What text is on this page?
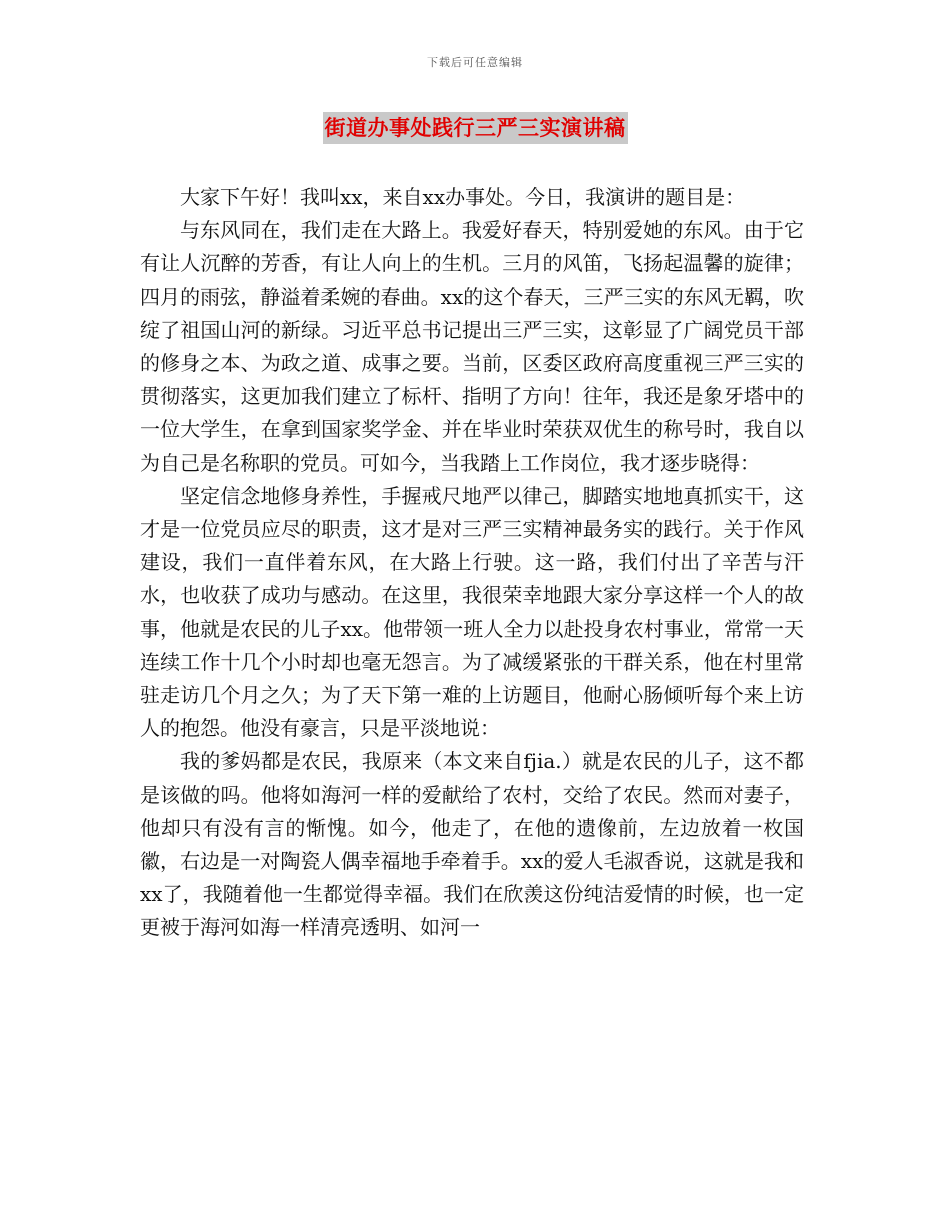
下载后可任意编辑
街道办事处践行三严三实演讲稿

大家下午好！我叫xx，来自xx办事处。今日，我演讲的题目是：

与东风同在，我们走在大路上。我爱好春天，特别爱她的东风。由于它有让人沉醉的芳香，有让人向上的生机。三月的风笛，飞扬起温馨的旋律；四月的雨弦，静溢着柔婉的春曲。xx的这个春天，三严三实的东风无羁，吹绽了祖国山河的新绿。习近平总书记提出三严三实，这彰显了广阔党员干部的修身之本、为政之道、成事之要。当前，区委区政府高度重视三严三实的贯彻落实，这更加我们建立了标杆、指明了方向！往年，我还是象牙塔中的一位大学生，在拿到国家奖学金、并在毕业时荣获双优生的称号时，我自以为自己是名称职的党员。可如今，当我踏上工作岗位，我才逐步晓得：

坚定信念地修身养性，手握戒尺地严以律己，脚踏实地地真抓实干，这才是一位党员应尽的职责，这才是对三严三实精神最务实的践行。关于作风建设，我们一直伴着东风，在大路上行驶。这一路，我们付出了辛苦与汗水，也收获了成功与感动。在这里，我很荣幸地跟大家分享这样一个人的故事，他就是农民的儿子xx。他带领一班人全力以赴投身农村事业，常常一天连续工作十几个小时却也毫无怨言。为了减缓紧张的干群关系，他在村里常驻走访几个月之久；为了天下第一难的上访题目，他耐心肠倾听每个来上访人的抱怨。他没有豪言，只是平淡地说：

我的爹妈都是农民，我原来（本文来自fjia.）就是农民的儿子，这不都是该做的吗。他将如海河一样的爱献给了农村，交给了农民。然而对妻子，他却只有没有言的惭愧。如今，他走了，在他的遗像前，左边放着一枚国徽，右边是一对陶瓷人偶幸福地手牵着手。xx的爱人毛淑香说，这就是我和xx了，我随着他一生都觉得幸福。我们在欣羡这份纯洁爱情的时候，也一定更被于海河如海一样清亮透明、如河一
